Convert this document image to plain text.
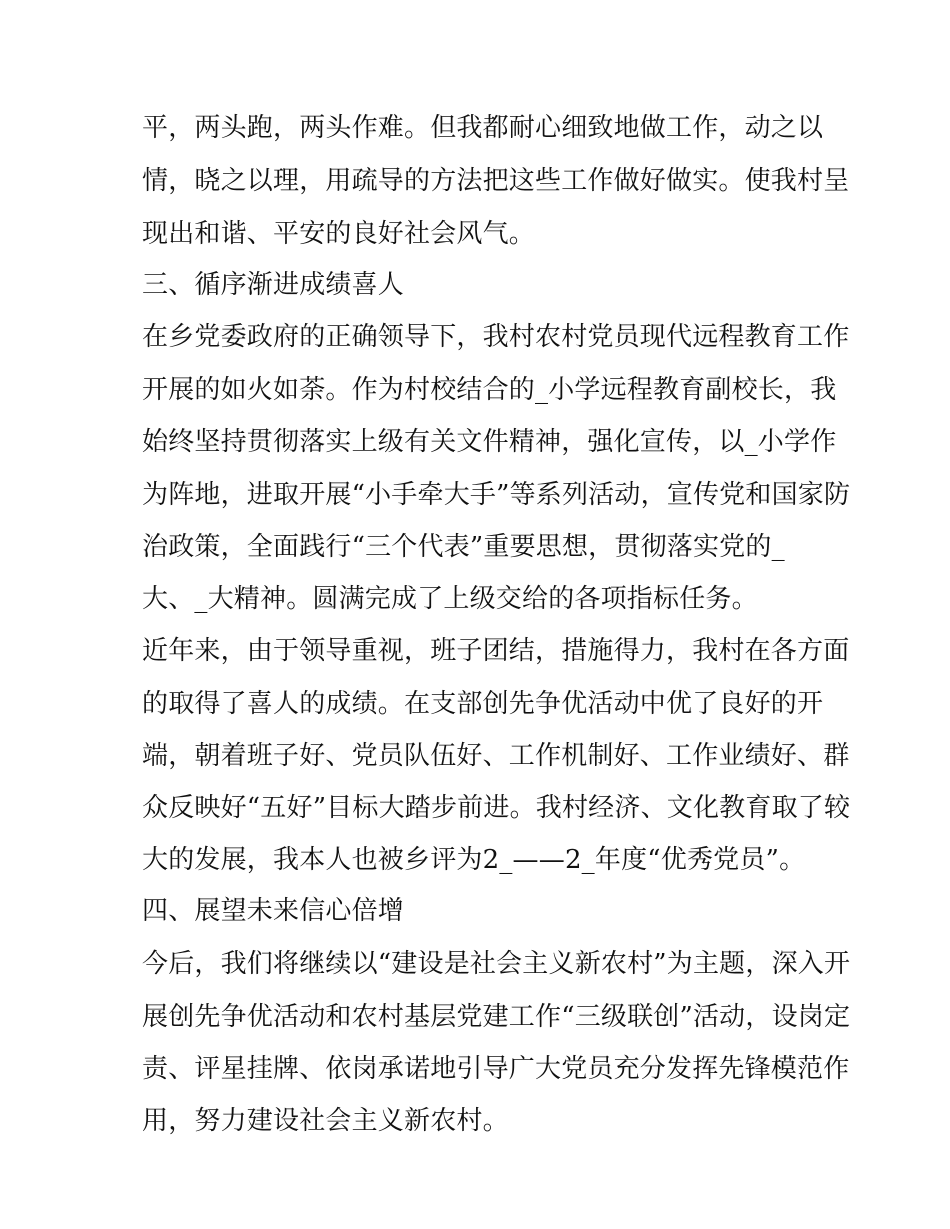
平，两头跑，两头作难。但我都耐心细致地做工作，动之以
情，晓之以理，用疏导的方法把这些工作做好做实。使我村呈
现出和谐、平安的良好社会风气。
三、循序渐进成绩喜人
在乡党委政府的正确领导下，我村农村党员现代远程教育工作
开展的如火如荼。作为村校结合的_小学远程教育副校长，我
始终坚持贯彻落实上级有关文件精神，强化宣传，以_小学作
为阵地，进取开展“小手牵大手”等系列活动，宣传党和国家防
治政策，全面践行“三个代表”重要思想，贯彻落实党的_
大、_大精神。圆满完成了上级交给的各项指标任务。
近年来，由于领导重视，班子团结，措施得力，我村在各方面
的取得了喜人的成绩。在支部创先争优活动中优了良好的开
端，朝着班子好、党员队伍好、工作机制好、工作业绩好、群
众反映好“五好”目标大踏步前进。我村经济、文化教育取了较
大的发展，我本人也被乡评为2_——2_年度“优秀党员”。
四、展望未来信心倍增
今后，我们将继续以“建设是社会主义新农村”为主题，深入开
展创先争优活动和农村基层党建工作“三级联创”活动，设岗定
责、评星挂牌、依岗承诺地引导广大党员充分发挥先锋模范作
用，努力建设社会主义新农村。
